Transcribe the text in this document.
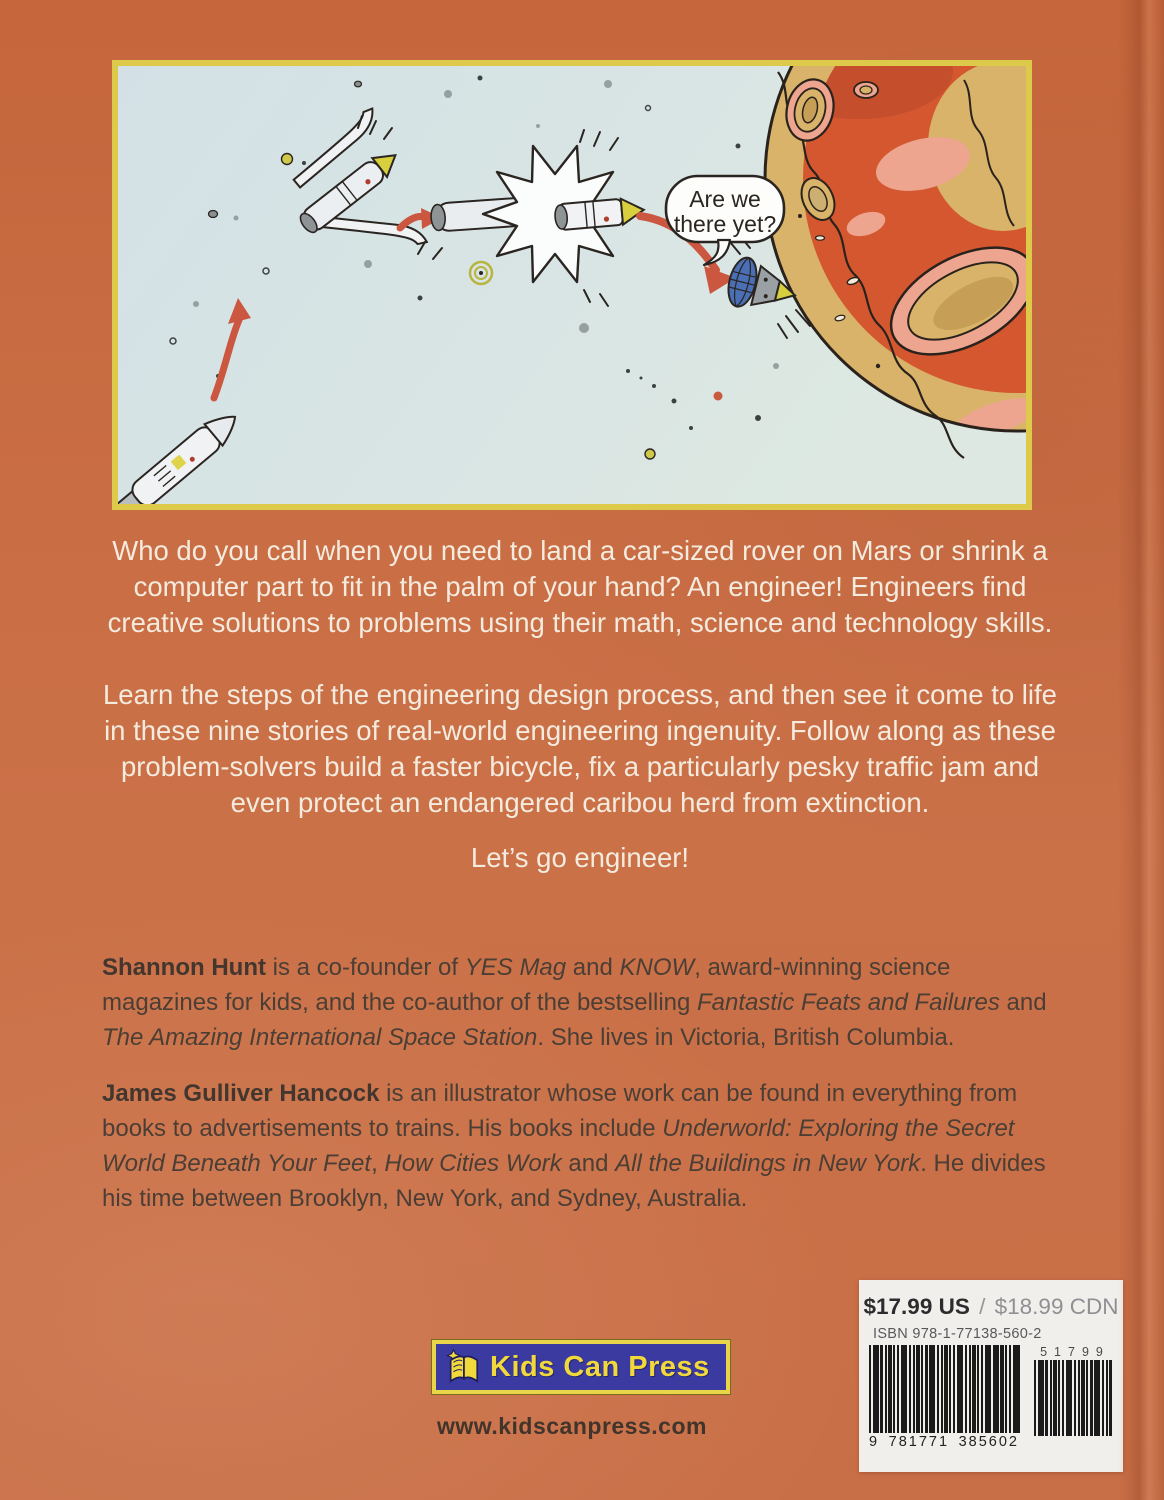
Are we
there yet?

Who do you call when you need to land a car-sized rover on Mars or shrink a computer part to fit in the palm of your hand? An engineer! Engineers find creative solutions to problems using their math, science and technology skills.

Learn the steps of the engineering design process, and then see it come to life in these nine stories of real-world engineering ingenuity. Follow along as these problem-solvers build a faster bicycle, fix a particularly pesky traffic jam and even protect an endangered caribou herd from extinction.

Let’s go engineer!

Shannon Hunt is a co-founder of YES Mag and KNOW, award-winning science magazines for kids, and the co-author of the bestselling Fantastic Feats and Failures and The Amazing International Space Station. She lives in Victoria, British Columbia.

James Gulliver Hancock is an illustrator whose work can be found in everything from books to advertisements to trains. His books include Underworld: Exploring the Secret World Beneath Your Feet, How Cities Work and All the Buildings in New York. He divides his time between Brooklyn, New York, and Sydney, Australia.

Kids Can Press
www.kidscanpress.com
$17.99 US / $18.99 CDN
ISBN 978-1-77138-560-2
9 781771 385602
51799
